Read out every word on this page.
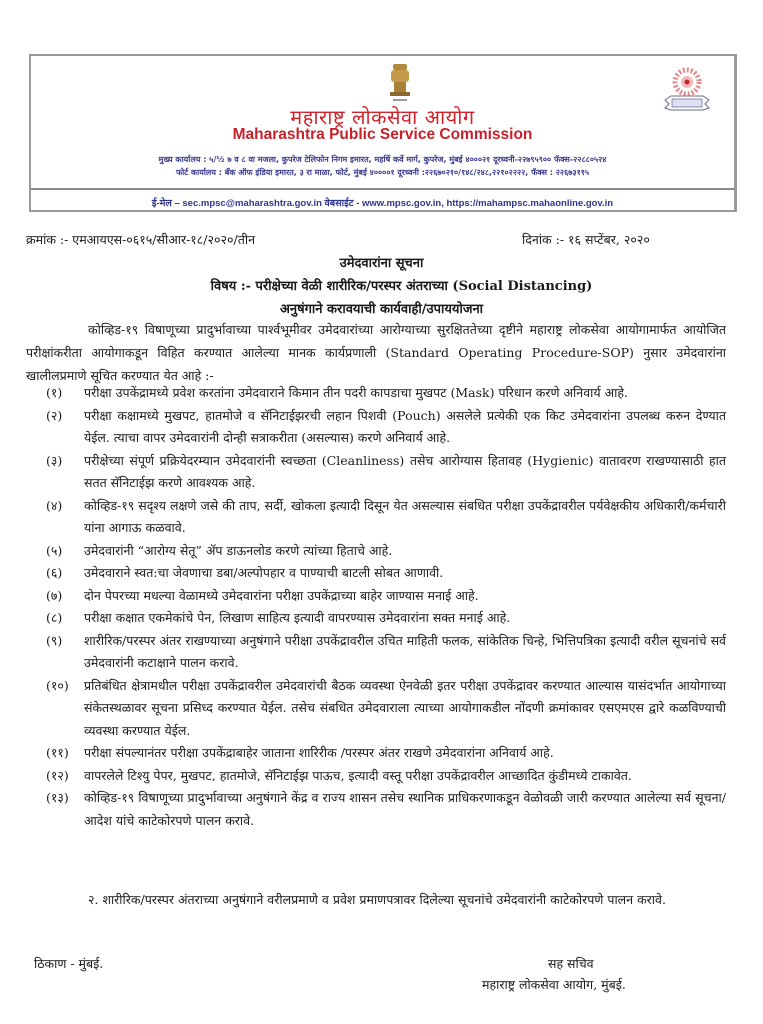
महाराष्ट्र लोकसेवा आयोग
Maharashtra Public Service Commission
मुख्य कार्यालय : ५/½ ७ व ८ वा मजला, कुपरेज टेलिफोन निगम इमारत, महर्षि कर्वे मार्ग, कुपरेज, मुंबई ४०००२१ दूरध्वनी-२२७९५९०० फॅक्स-२२८८०५२४
फोर्ट कार्यालय : बँक ऑफ इंडिया इमारत, ३ रा माळा, फोर्ट, मुंबई ४००००१ दूरध्वनी :२२६७०२१०/१४८/२४८,२२१०२२२२, फॅक्स : २२६७३११५
ई-मेल – sec.mpsc@maharashtra.gov.in वेबसाईट - www.mpsc.gov.in, https://mahampsc.mahaonline.gov.in
क्रमांक :- एमआयएस-०६१५/सीआर-१८/२०२०/तीन	दिनांक :- १६ सप्टेंबर, २०२०
उमेदवारांना सूचना
विषय :- परीक्षेच्या वेळी शारीरिक/परस्पर अंतराच्या (Social Distancing)
अनुषंगाने करावयाची कार्यवाही/उपाययोजना
कोव्हिड-१९ विषाणूच्या प्रादुर्भावाच्या पार्श्वभूमीवर उमेदवारांच्या आरोग्याच्या सुरक्षिततेच्या दृष्टीने महाराष्ट्र लोकसेवा आयोगामार्फत आयोजित परीक्षांकरीता आयोगाकडून विहित करण्यात आलेल्या मानक कार्यप्रणाली (Standard Operating Procedure-SOP) नुसार उमेदवारांना खालीलप्रमाणे सूचित करण्यात येत आहे :-
(१) परीक्षा उपकेंद्रामध्ये प्रवेश करतांना उमेदवाराने किमान तीन पदरी कापडाचा मुखपट (Mask) परिधान करणे अनिवार्य आहे.
(२) परीक्षा कक्षामध्ये मुखपट, हातमोजे व सॅनिटाईझरची लहान पिशवी (Pouch) असलेले प्रत्येकी एक किट उमेदवारांना उपलब्ध करुन देण्यात येईल. त्याचा वापर उमेदवारांनी दोन्ही सत्राकरीता (असल्यास) करणे अनिवार्य आहे.
(३) परीक्षेच्या संपूर्ण प्रक्रियेदरम्यान उमेदवारांनी स्वच्छता (Cleanliness) तसेच आरोग्यास हितावह (Hygienic) वातावरण राखण्यासाठी हात सतत सॅनिटाईझ करणे आवश्यक आहे.
(४) कोव्हिड-१९ सदृश्य लक्षणे जसे की ताप, सर्दी, खोकला इत्यादी दिसून येत असल्यास संबधित परीक्षा उपकेंद्रावरील पर्यवेक्षकीय अधिकारी/कर्मचारी यांना आगाऊ कळवावे.
(५) उमेदवारांनी “आरोग्य सेतू” ॲप डाऊनलोड करणे त्यांच्या हिताचे आहे.
(६) उमेदवाराने स्वत:चा जेवणाचा डबा/अल्पोपहार व पाण्याची बाटली सोबत आणावी.
(७) दोन पेपरच्या मधल्या वेळामध्ये उमेदवारांना परीक्षा उपकेंद्राच्या बाहेर जाण्यास मनाई आहे.
(८) परीक्षा कक्षात एकमेकांचे पेन, लिखाण साहित्य इत्यादी वापरण्यास उमेदवारांना सक्त मनाई आहे.
(९) शारीरिक/परस्पर अंतर राखण्याच्या अनुषंगाने परीक्षा उपकेंद्रावरील उचित माहिती फलक, सांकेतिक चिन्हे, भित्तिपत्रिका इत्यादी वरील सूचनांचे सर्व उमेदवारांनी कटाक्षाने पालन करावे.
(१०) प्रतिबंधित क्षेत्रामधील परीक्षा उपकेंद्रावरील उमेदवारांची बैठक व्यवस्था ऐनवेळी इतर परीक्षा उपकेंद्रावर करण्यात आल्यास यासंदर्भात आयोगाच्या संकेतस्थळावर सूचना प्रसिध्द करण्यात येईल. तसेच संबधित उमेदवाराला त्याच्या आयोगाकडील नोंदणी क्रमांकावर एसएमएस द्वारे कळविण्याची व्यवस्था करण्यात येईल.
(११) परीक्षा संपल्यानंतर परीक्षा उपकेंद्राबाहेर जाताना शारिरीक /परस्पर अंतर राखणे उमेदवारांना अनिवार्य आहे.
(१२) वापरलेले टिश्यु पेपर, मुखपट, हातमोजे, सॅनिटाईझ पाऊच, इत्यादी वस्तू परीक्षा उपकेंद्रावरील आच्छादित कुंडीमध्ये टाकावेत.
(१३) कोव्हिड-१९ विषाणूच्या प्रादुर्भावाच्या अनुषंगाने केंद्र व राज्य शासन तसेच स्थानिक प्राधिकरणाकडून वेळोवळी जारी करण्यात आलेल्या सर्व सूचना/आदेश यांचे काटेकोरपणे पालन करावे.
२. शारीरिक/परस्पर अंतराच्या अनुषंगाने वरीलप्रमाणे व प्रवेश प्रमाणपत्रावर दिलेल्या सूचनांचे उमेदवारांनी काटेकोरपणे पालन करावे.
ठिकाण - मुंबई.	सह सचिव
महाराष्ट्र लोकसेवा आयोग, मुंबई.
